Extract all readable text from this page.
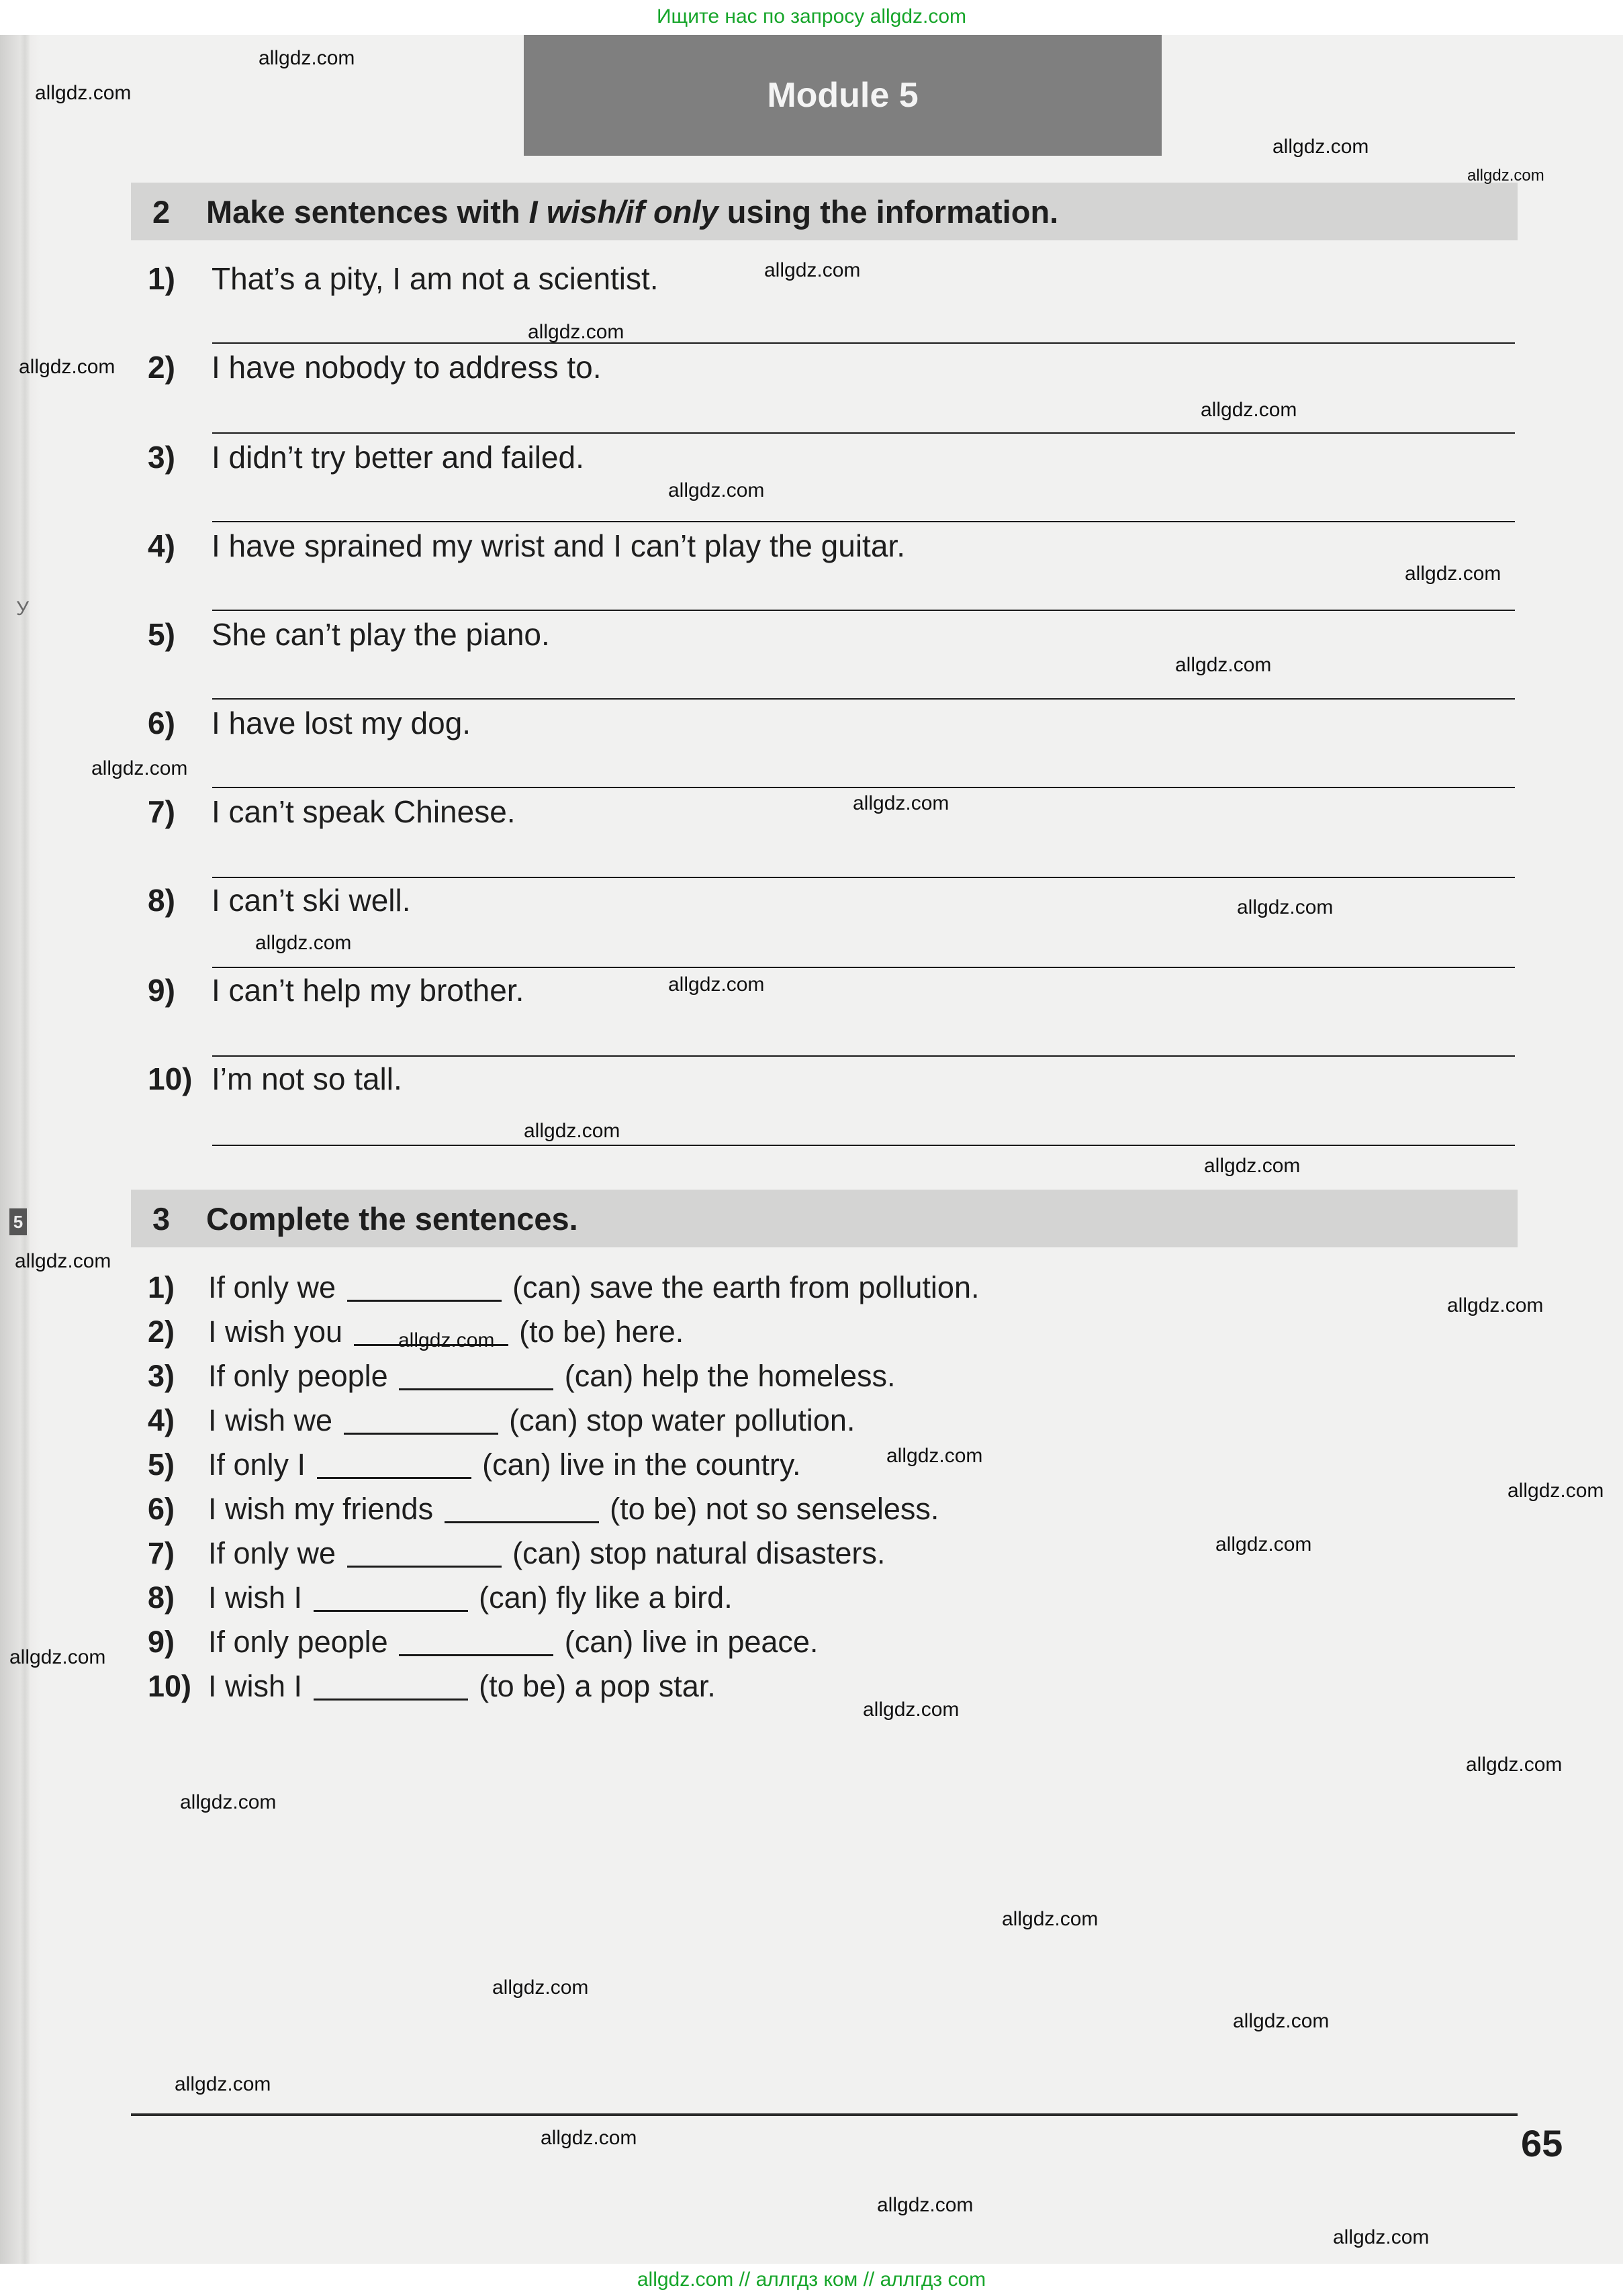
Ищите нас по запросу allgdz.com
Module 5
У
5
2	Make sentences with I wish/if only using the information.
1) That’s a pity, I am not a scientist.
2) I have nobody to address to.
3) I didn’t try better and failed.
4) I have sprained my wrist and I can’t play the guitar.
5) She can’t play the piano.
6) I have lost my dog.
7) I can’t speak Chinese.
8) I can’t ski well.
9) I can’t help my brother.
10) I’m not so tall.
3	Complete the sentences.
1) If only we	(can) save the earth from pollution.
2) I wish you	(to be) here.
3) If only people	(can) help the homeless.
4) I wish we	(can) stop water pollution.
5) If only I	(can) live in the country.
6) I wish my friends	(to be) not so senseless.
7) If only we	(can) stop natural disasters.
8) I wish I	(can) fly like a bird.
9) If only people	(can) live in peace.
10) I wish I	(to be) a pop star.
allgdz.com
allgdz.com
allgdz.com
allgdz.com
allgdz.com
allgdz.com
allgdz.com
allgdz.com
allgdz.com
allgdz.com
allgdz.com
allgdz.com
allgdz.com
allgdz.com
allgdz.com
allgdz.com
allgdz.com
allgdz.com
allgdz.com
allgdz.com
allgdz.com
allgdz.com
allgdz.com
allgdz.com
allgdz.com
allgdz.com
allgdz.com
allgdz.com
allgdz.com
allgdz.com
allgdz.com
allgdz.com
allgdz.com
allgdz.com
allgdz.com
65
allgdz.com // аллгдз ком // аллгдз com
